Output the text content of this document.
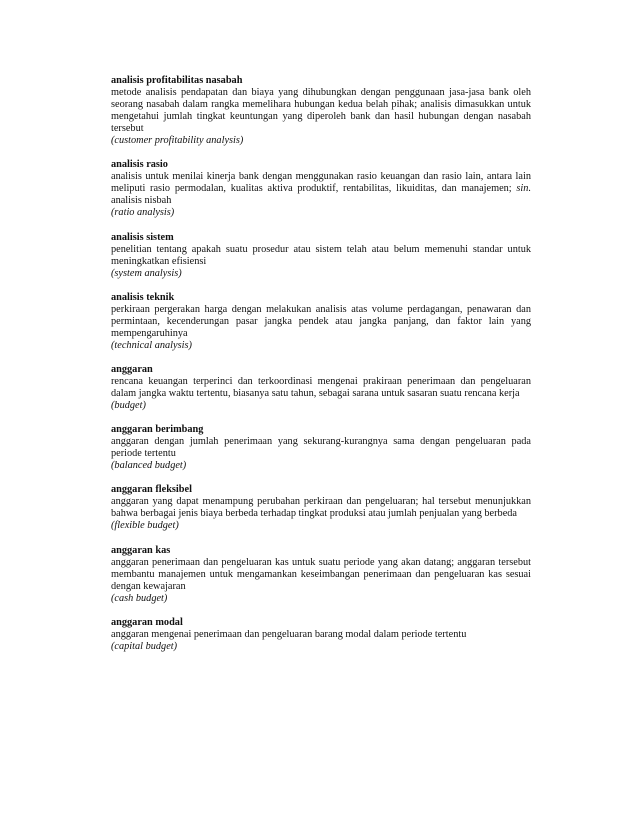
analisis profitabilitas nasabah
metode analisis pendapatan dan biaya yang dihubungkan dengan penggunaan jasa-jasa bank oleh seorang nasabah dalam rangka memelihara hubungan kedua belah pihak; analisis dimasukkan untuk mengetahui jumlah tingkat keuntungan yang diperoleh bank dan hasil hubungan dengan nasabah tersebut
(customer profitability analysis)
analisis rasio
analisis untuk menilai kinerja bank dengan menggunakan rasio keuangan dan rasio lain, antara lain meliputi rasio permodalan, kualitas aktiva produktif, rentabilitas, likuiditas, dan manajemen; sin. analisis nisbah
(ratio analysis)
analisis sistem
penelitian tentang apakah suatu prosedur atau sistem telah atau belum memenuhi standar untuk meningkatkan efisiensi
(system analysis)
analisis teknik
perkiraan pergerakan harga dengan melakukan analisis atas volume perdagangan, penawaran dan permintaan, kecenderungan pasar jangka pendek atau jangka panjang, dan faktor lain yang mempengaruhinya
(technical analysis)
anggaran
rencana keuangan terperinci dan terkoordinasi mengenai prakiraan penerimaan dan pengeluaran dalam jangka waktu tertentu, biasanya satu tahun, sebagai sarana untuk sasaran suatu rencana kerja
(budget)
anggaran berimbang
anggaran dengan jumlah penerimaan yang sekurang-kurangnya sama dengan pengeluaran pada periode tertentu
(balanced budget)
anggaran fleksibel
anggaran yang dapat menampung perubahan perkiraan dan pengeluaran; hal tersebut menunjukkan bahwa berbagai jenis biaya berbeda terhadap tingkat produksi atau jumlah penjualan yang berbeda
(flexible budget)
anggaran kas
anggaran penerimaan dan pengeluaran kas untuk suatu periode yang akan datang; anggaran tersebut membantu manajemen untuk mengamankan keseimbangan penerimaan dan pengeluaran kas sesuai dengan kewajaran
(cash budget)
anggaran modal
anggaran mengenai penerimaan dan pengeluaran barang modal dalam periode tertentu
(capital budget)
